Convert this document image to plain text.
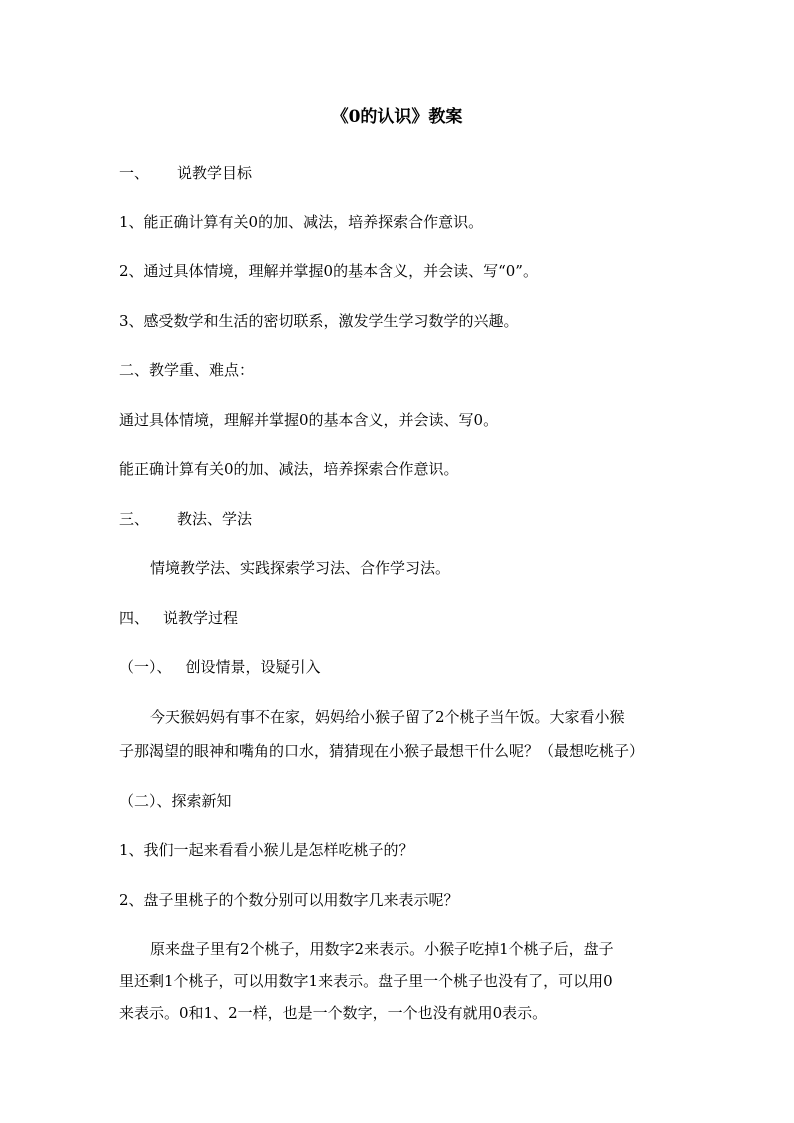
《0的认识》教案
一、 说教学目标
1、能正确计算有关0的加、减法，培养探索合作意识。
2、通过具体情境，理解并掌握0的基本含义，并会读、写“0”。
3、感受数学和生活的密切联系，激发学生学习数学的兴趣。
二、教学重、难点：
通过具体情境，理解并掌握0的基本含义，并会读、写0。
能正确计算有关0的加、减法，培养探索合作意识。
三、 教法、学法
情境教学法、实践探索学习法、合作学习法。
四、 说教学过程
（一）、 创设情景，设疑引入
今天猴妈妈有事不在家，妈妈给小猴子留了2个桃子当午饭。大家看小猴
子那渴望的眼神和嘴角的口水，猜猜现在小猴子最想干什么呢？（最想吃桃子）
（二）、探索新知
1、我们一起来看看小猴儿是怎样吃桃子的？
2、盘子里桃子的个数分别可以用数字几来表示呢？
原来盘子里有2个桃子，用数字2来表示。小猴子吃掉1个桃子后，盘子
里还剩1个桃子，可以用数字1来表示。盘子里一个桃子也没有了，可以用0
来表示。0和1、2一样，也是一个数字，一个也没有就用0表示。
